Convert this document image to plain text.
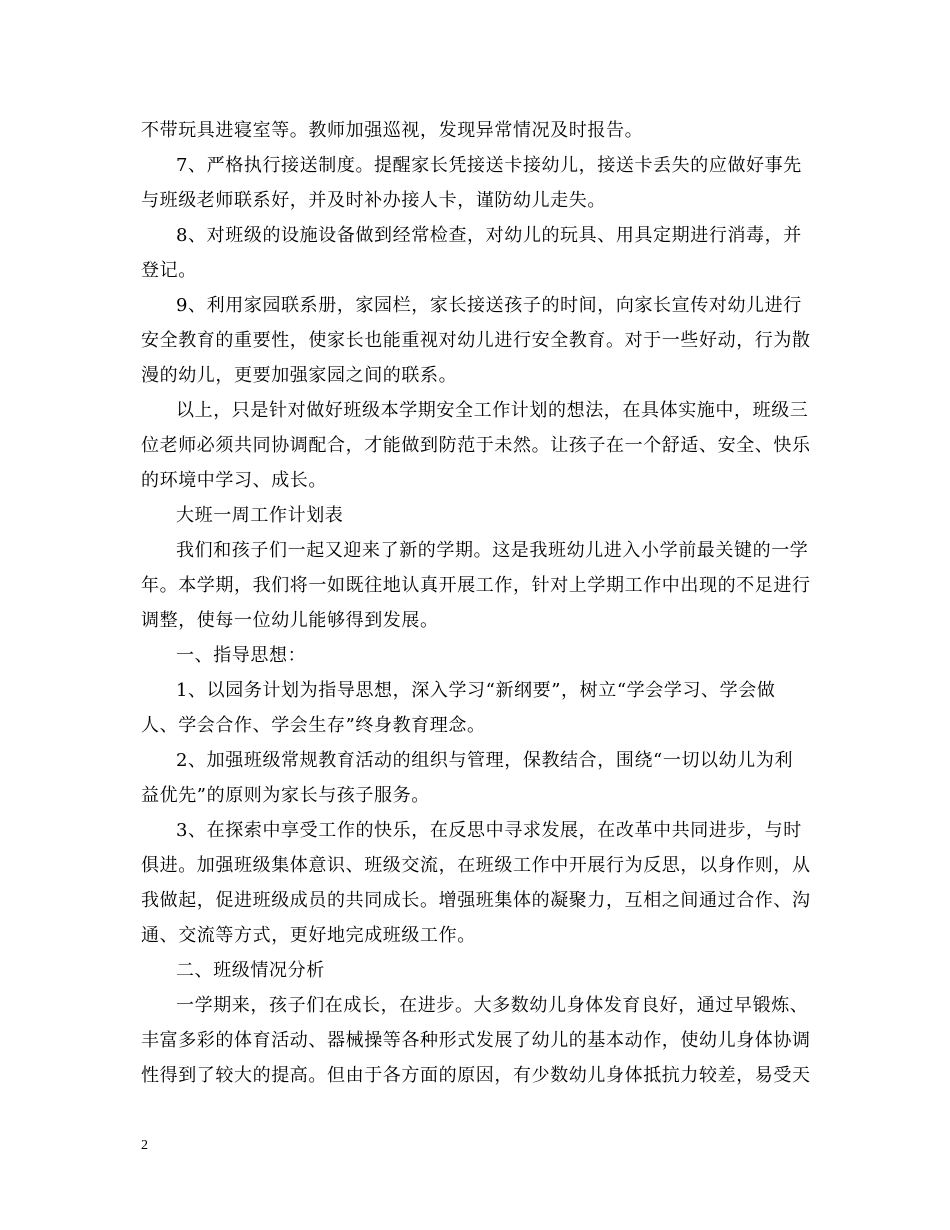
不带玩具进寝室等。教师加强巡视，发现异常情况及时报告。
7、严格执行接送制度。提醒家长凭接送卡接幼儿，接送卡丢失的应做好事先
与班级老师联系好，并及时补办接人卡，谨防幼儿走失。
8、对班级的设施设备做到经常检查，对幼儿的玩具、用具定期进行消毒，并
登记。
9、利用家园联系册，家园栏，家长接送孩子的时间，向家长宣传对幼儿进行
安全教育的重要性，使家长也能重视对幼儿进行安全教育。对于一些好动，行为散
漫的幼儿，更要加强家园之间的联系。
以上，只是针对做好班级本学期安全工作计划的想法，在具体实施中，班级三
位老师必须共同协调配合，才能做到防范于未然。让孩子在一个舒适、安全、快乐
的环境中学习、成长。
大班一周工作计划表
我们和孩子们一起又迎来了新的学期。这是我班幼儿进入小学前最关键的一学
年。本学期，我们将一如既往地认真开展工作，针对上学期工作中出现的不足进行
调整，使每一位幼儿能够得到发展。
一、指导思想：
1、以园务计划为指导思想，深入学习“新纲要”，树立“学会学习、学会做
人、学会合作、学会生存”终身教育理念。
2、加强班级常规教育活动的组织与管理，保教结合，围绕“一切以幼儿为利
益优先”的原则为家长与孩子服务。
3、在探索中享受工作的快乐，在反思中寻求发展，在改革中共同进步，与时
俱进。加强班级集体意识、班级交流，在班级工作中开展行为反思，以身作则，从
我做起，促进班级成员的共同成长。增强班集体的凝聚力，互相之间通过合作、沟
通、交流等方式，更好地完成班级工作。
二、班级情况分析
一学期来，孩子们在成长，在进步。大多数幼儿身体发育良好，通过早锻炼、
丰富多彩的体育活动、器械操等各种形式发展了幼儿的基本动作，使幼儿身体协调
性得到了较大的提高。但由于各方面的原因，有少数幼儿身体抵抗力较差，易受天
2
